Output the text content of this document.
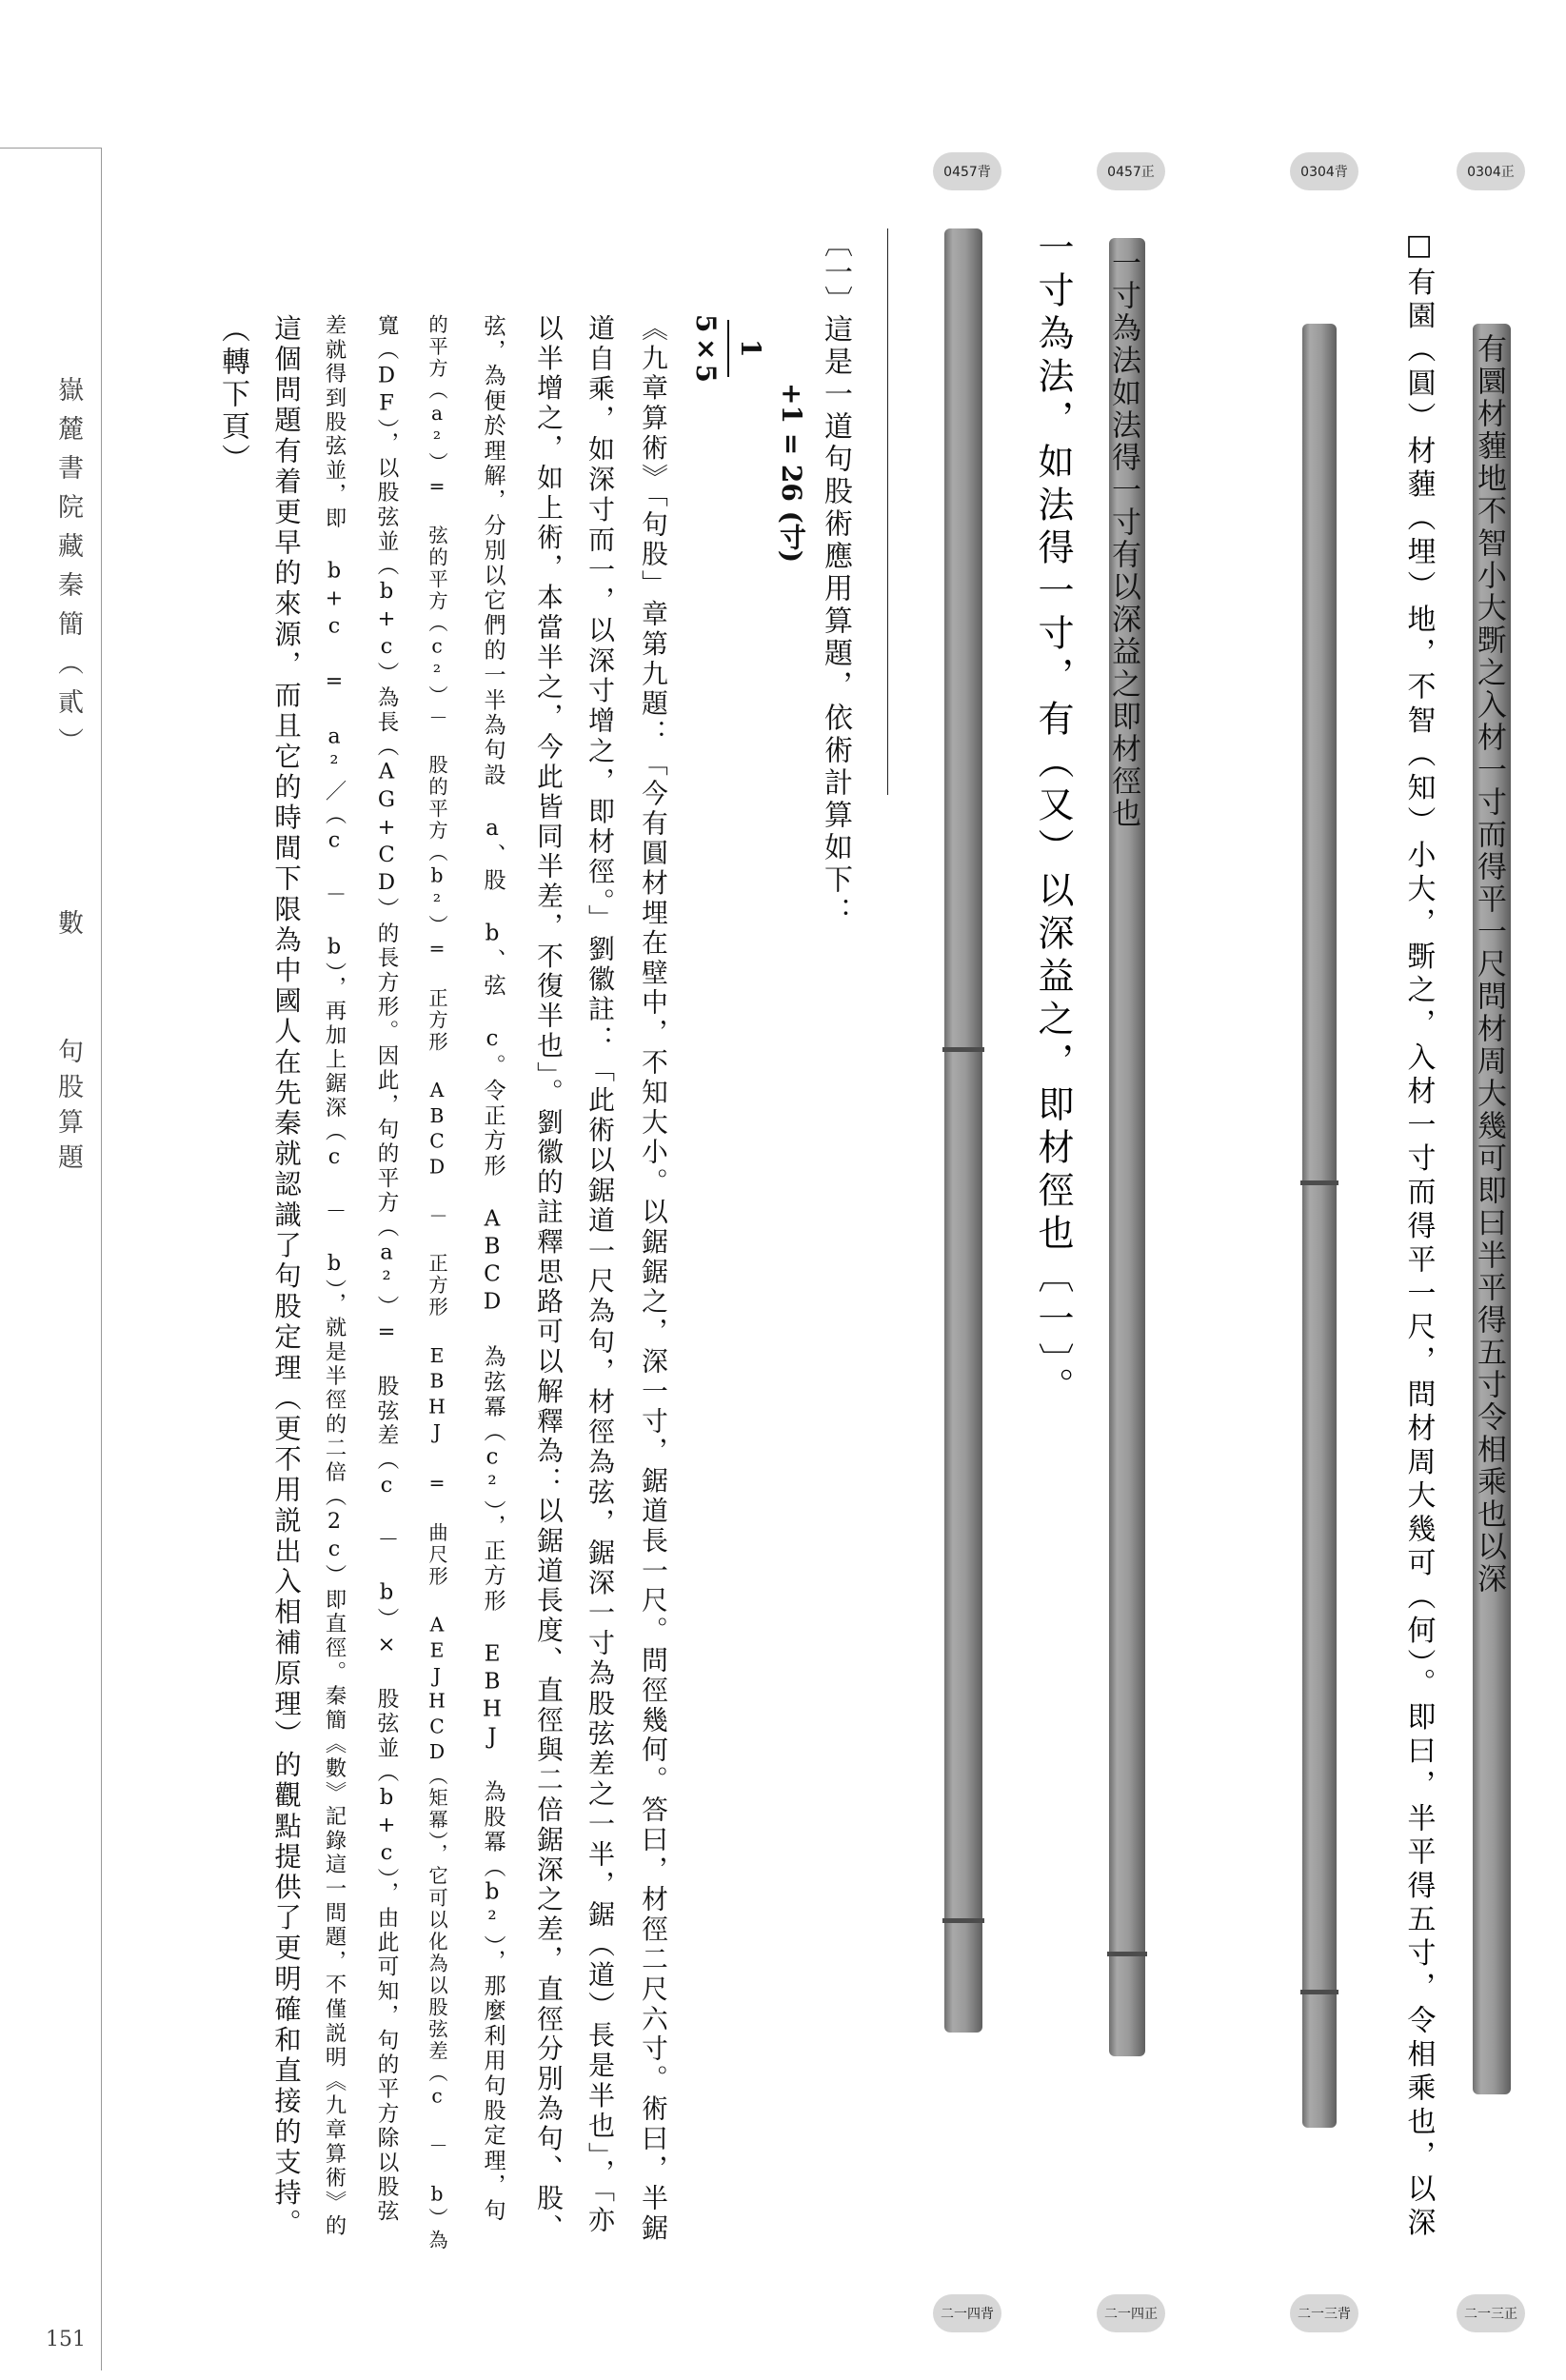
嶽麓書院藏秦簡（貳）
數
句股算題
151
0304正
0304背
0457正
0457背
二一三正
二一三背
二一四正
二一四背
有圜材薶地不智小大斲之入材一寸而得平一尺問材周大幾可即曰半平得五寸令相乘也以深
一寸為法如法得一寸有以深益之即材徑也	□有園（圓）材薶（埋）地，不智（知）小大，斲之，入材一寸而得平一尺，問材周大幾可（何）。即曰，半平得五寸，令相乘也，以深
一寸為法，如法得一寸，有（又）以深益之，即材徑也〔一〕。
〔一〕
這是一道句股術應用算題，依術計算如下：
5×5 1
+1 = 26 (寸)
《九章算術》「句股」章第九題：「今有圓材埋在壁中，不知大小。以鋸鋸之，深一寸，鋸道長一尺。問徑幾何。答曰，材徑二尺六寸。術曰，半鋸
道自乘，如深寸而一，以深寸增之，即材徑。」劉徽註：「此術以鋸道一尺為句，材徑為弦，鋸深一寸為股弦差之一半，鋸（道）長是半也」，「亦
以半增之，如上術，本當半之，今此皆同半差，不復半也」。劉徽的註釋思路可以解釋為：以鋸道長度、直徑與二倍鋸深之差，直徑分別為句、股、
弦，為便於理解，分別以它們的一半為句設 a、股 b、弦 c。令正方形 ABCD 為弦冪（c²），正方形 EBHJ 為股冪（b²），那麼利用句股定理，句
的平方（a²）= 弦的平方（c²）－ 股的平方（b²）= 正方形 ABCD － 正方形 EBHJ = 曲尺形 AEJHCD（矩冪），它可以化為以股弦差（c － b）為
寬（DF），以股弦並（b+c）為長（AG+CD）的長方形。因此，句的平方（a²）= 股弦差（c － b）× 股弦並（b+c），由此可知，句的平方除以股弦
差就得到股弦並，即 b+c = a²／（c － b），再加上鋸深（c － b），就是半徑的二倍（2c）即直徑。秦簡《數》記錄這一問題，不僅説明《九章算術》的
這個問題有着更早的來源，而且它的時間下限為中國人在先秦就認識了句股定理（更不用説出入相補原理）的觀點提供了更明確和直接的支持。
（轉下頁）
